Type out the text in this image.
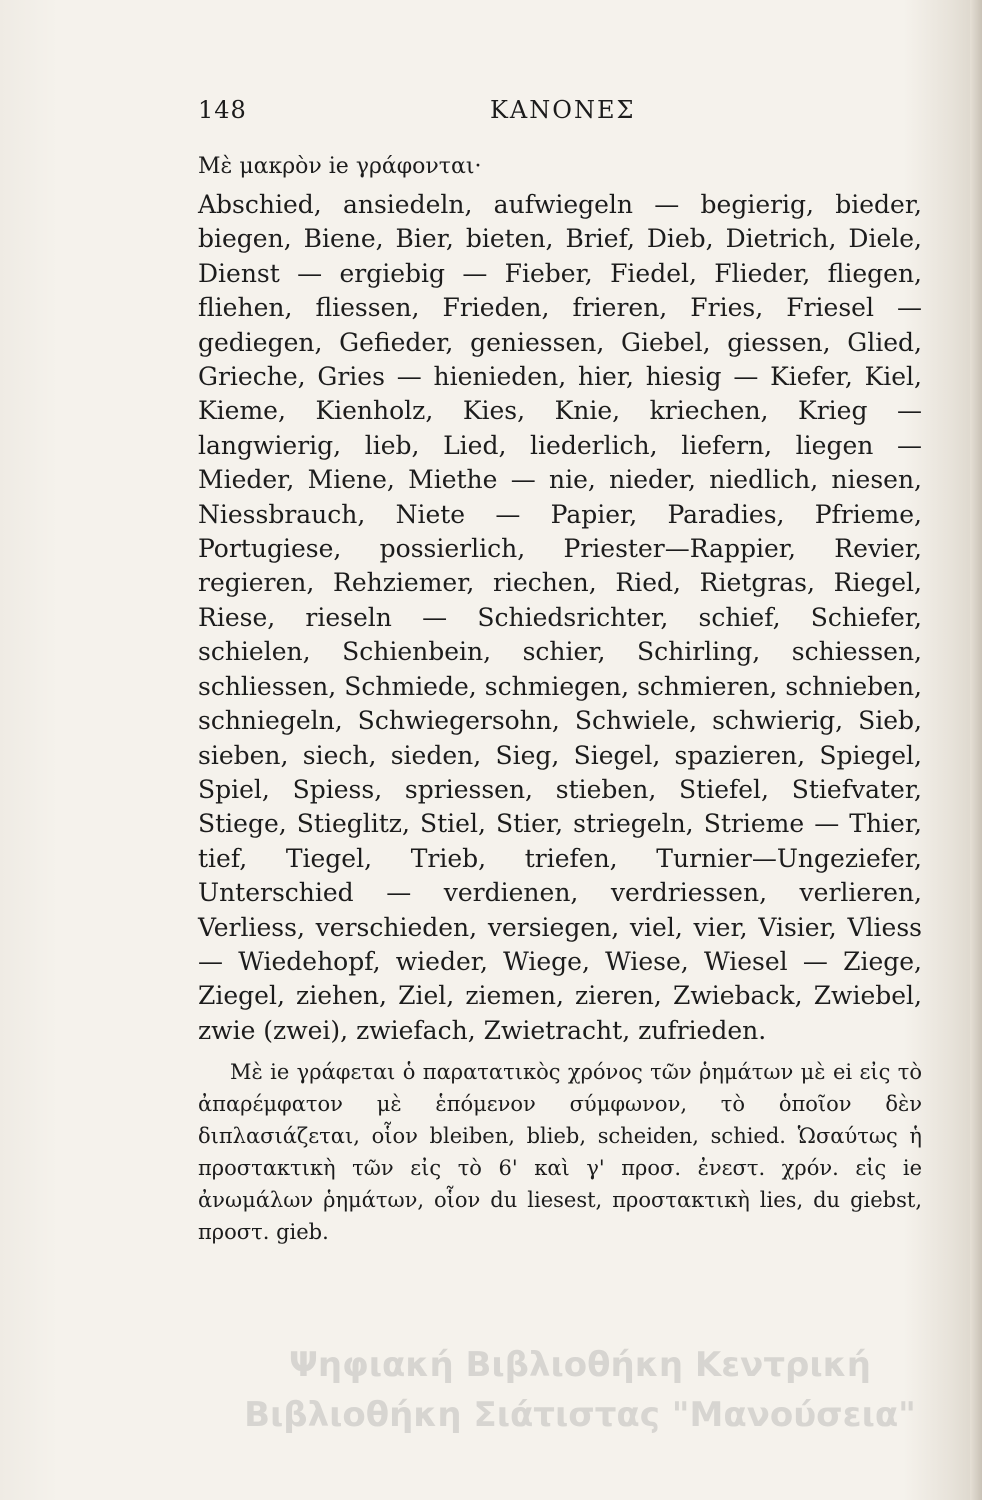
148	ΚΑΝΟΝΕΣ

Μὲ μακρὸν ie γράφονται·

Abschied, ansiedeln, aufwiegeln — begierig, bieder, biegen, Biene, Bier, bieten, Brief, Dieb, Dietrich, Diele, Dienst — ergiebig — Fieber, Fiedel, Flieder, fliegen, fliehen, fliessen, Frieden, frieren, Fries, Friesel — gediegen, Gefieder, geniessen, Giebel, giessen, Glied, Grieche, Gries — hienieden, hier, hiesig — Kiefer, Kiel, Kieme, Kienholz, Kies, Knie, kriechen, Krieg — langwierig, lieb, Lied, liederlich, liefern, liegen — Mieder, Miene, Miethe — nie, nieder, niedlich, niesen, Niessbrauch, Niete — Papier, Paradies, Pfrieme, Portugiese, possierlich, Priester—Rappier, Revier, regieren, Rehziemer, riechen, Ried, Rietgras, Riegel, Riese, rieseln — Schiedsrichter, schief, Schiefer, schielen, Schienbein, schier, Schirling, schiessen, schliessen, Schmiede, schmiegen, schmieren, schnieben, schniegeln, Schwiegersohn, Schwiele, schwierig, Sieb, sieben, siech, sieden, Sieg, Siegel, spazieren, Spiegel, Spiel, Spiess, spriessen, stieben, Stiefel, Stiefvater, Stiege, Stieglitz, Stiel, Stier, striegeln, Strieme — Thier, tief, Tiegel, Trieb, triefen, Turnier—Ungeziefer, Unterschied — verdienen, verdriessen, verlieren, Verliess, verschieden, versiegen, viel, vier, Visier, Vliess — Wiedehopf, wieder, Wiege, Wiese, Wiesel — Ziege, Ziegel, ziehen, Ziel, ziemen, zieren, Zwieback, Zwiebel, zwie (zwei), zwiefach, Zwietracht, zufrieden.

Μὲ ie γράφεται ὁ παρατατικὸς χρόνος τῶν ῥημάτων μὲ ei εἰς τὸ ἀπαρέμφατον μὲ ἑπόμενον σύμφωνον, τὸ ὁποῖον δὲν διπλασιάζεται, οἷον bleiben, blieb, scheiden, schied. Ὡσαύτως ἡ προστακτικὴ τῶν εἰς τὸ 6' καὶ γ' προσ. ἐνεστ. χρόν. εἰς ie ἀνωμάλων ῥημάτων, οἷον du liesest, προστακτικὴ lies, du giebst, προστ. gieb.

Ψηφιακή Βιβλιοθήκη Κεντρική Βιβλιοθήκη Σιάτιστας "Μανούσεια"
